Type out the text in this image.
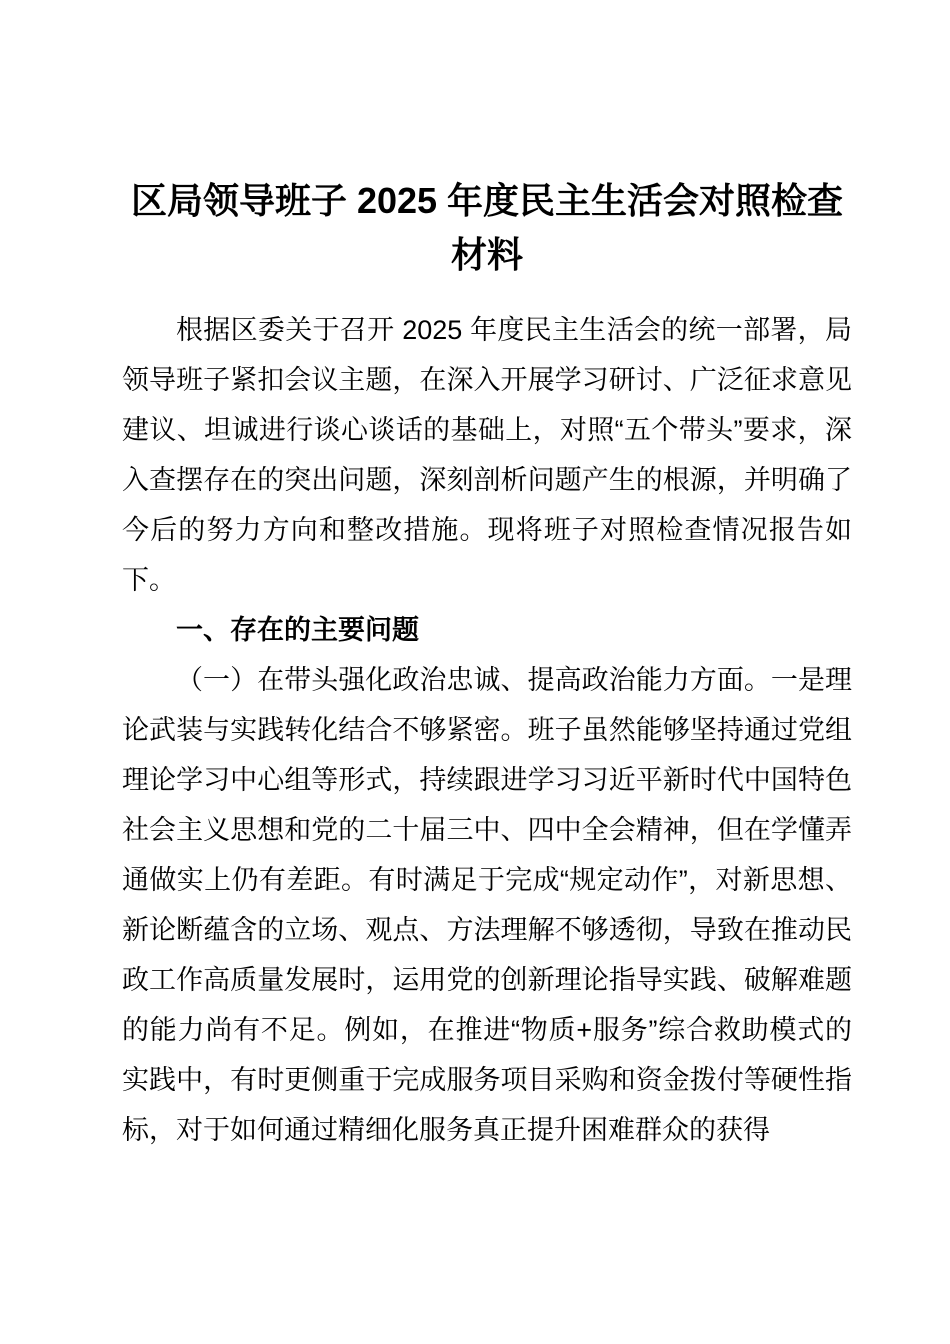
区局领导班子 2025 年度民主生活会对照检查材料

根据区委关于召开 2025 年度民主生活会的统一部署，局领导班子紧扣会议主题，在深入开展学习研讨、广泛征求意见建议、坦诚进行谈心谈话的基础上，对照“五个带头”要求，深入查摆存在的突出问题，深刻剖析问题产生的根源，并明确了今后的努力方向和整改措施。现将班子对照检查情况报告如下。

一、存在的主要问题

（一）在带头强化政治忠诚、提高政治能力方面。一是理论武装与实践转化结合不够紧密。班子虽然能够坚持通过党组理论学习中心组等形式，持续跟进学习习近平新时代中国特色社会主义思想和党的二十届三中、四中全会精神，但在学懂弄通做实上仍有差距。有时满足于完成“规定动作”，对新思想、新论断蕴含的立场、观点、方法理解不够透彻，导致在推动民政工作高质量发展时，运用党的创新理论指导实践、破解难题的能力尚有不足。例如，在推进“物质+服务”综合救助模式的实践中，有时更侧重于完成服务项目采购和资金拨付等硬性指标，对于如何通过精细化服务真正提升困难群众的获得
